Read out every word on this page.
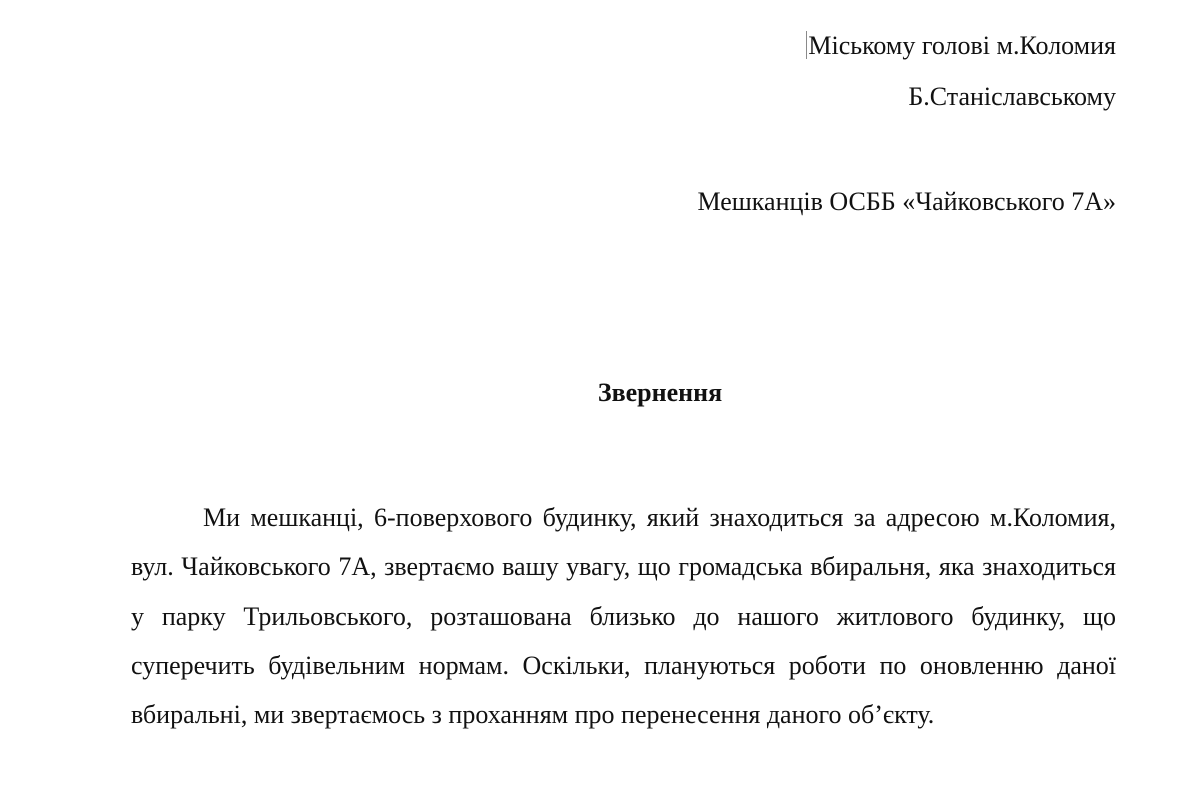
Міському голові м.Коломия
Б.Станіславському
Мешканців ОСББ «Чайковського 7А»
Звернення

Ми мешканці, 6-поверхового будинку, який знаходиться за адресою м.Коломия, вул. Чайковського 7А, звертаємо вашу увагу, що громадська вбиральня, яка знаходиться у парку Трильовського, розташована близько до нашого житлового будинку, що суперечить будівельним нормам. Оскільки, плануються роботи по оновленню даної вбиральні, ми звертаємось з проханням про перенесення даного об’єкту.
